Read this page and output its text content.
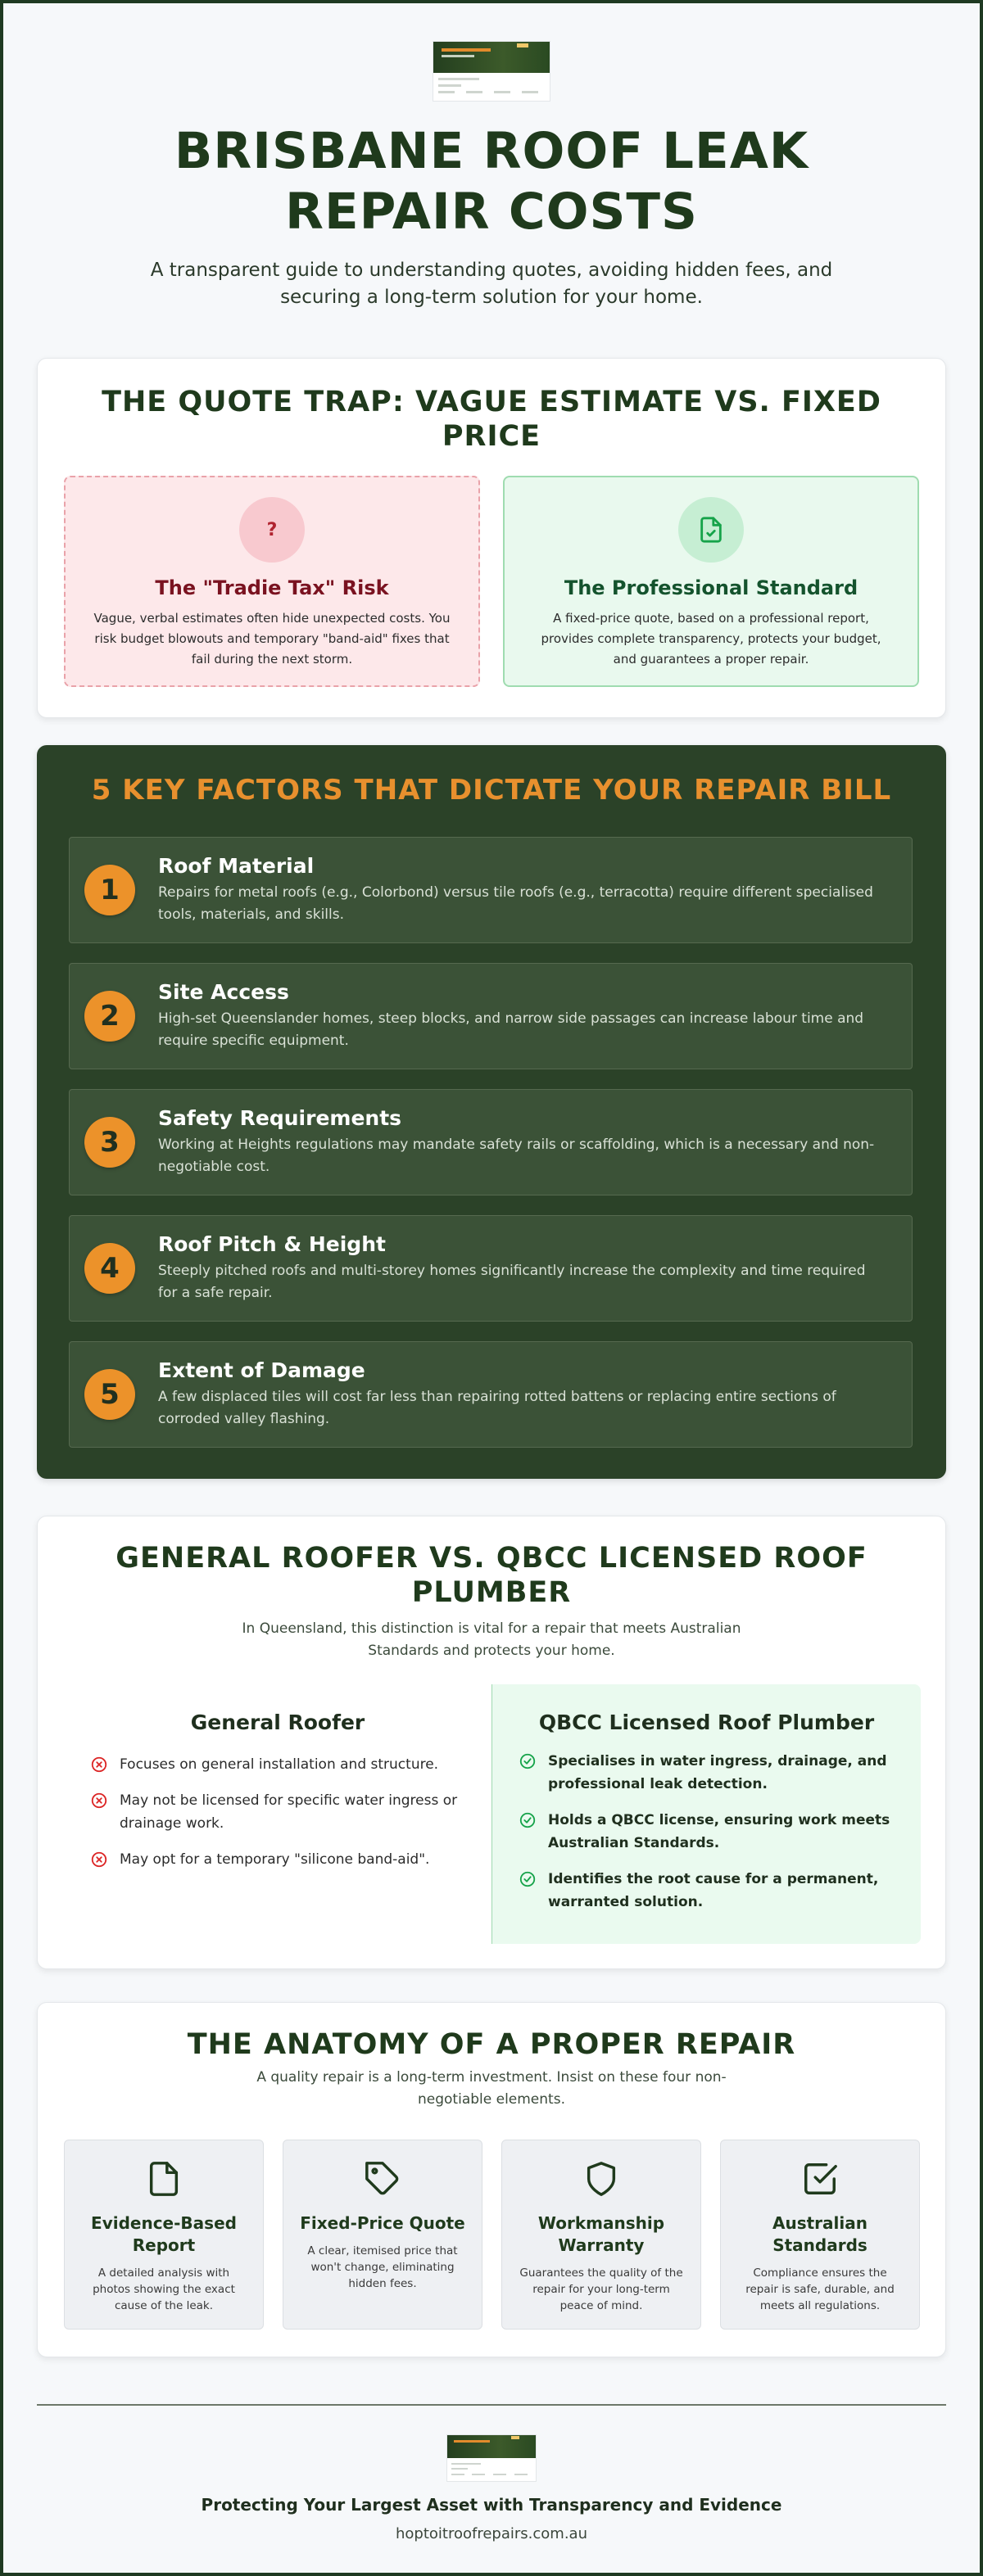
BRISBANE ROOF LEAK REPAIR COSTS

A transparent guide to understanding quotes, avoiding hidden fees, and securing a long-term solution for your home.

THE QUOTE TRAP: VAGUE ESTIMATE VS. FIXED PRICE
?
The "Tradie Tax" Risk

Vague, verbal estimates often hide unexpected costs. You risk budget blowouts and temporary "band-aid" fixes that fail during the next storm.

The Professional Standard

A fixed-price quote, based on a professional report, provides complete transparency, protects your budget, and guarantees a proper repair.

5 KEY FACTORS THAT DICTATE YOUR REPAIR BILL
1
Roof Material
Repairs for metal roofs (e.g., Colorbond) versus tile roofs (e.g., terracotta) require different specialised tools, materials, and skills.
2
Site Access
High-set Queenslander homes, steep blocks, and narrow side passages can increase labour time and require specific equipment.
3
Safety Requirements
Working at Heights regulations may mandate safety rails or scaffolding, which is a necessary and non-negotiable cost.
4
Roof Pitch & Height
Steeply pitched roofs and multi-storey homes significantly increase the complexity and time required for a safe repair.
5
Extent of Damage
A few displaced tiles will cost far less than repairing rotted battens or replacing entire sections of corroded valley flashing.
GENERAL ROOFER VS. QBCC LICENSED ROOF PLUMBER

In Queensland, this distinction is vital for a repair that meets Australian Standards and protects your home.

General Roofer
Focuses on general installation and structure.
May not be licensed for specific water ingress or drainage work.
May opt for a temporary "silicone band-aid".
QBCC Licensed Roof Plumber
Specialises in water ingress, drainage, and professional leak detection.
Holds a QBCC license, ensuring work meets Australian Standards.
Identifies the root cause for a permanent, warranted solution.
THE ANATOMY OF A PROPER REPAIR

A quality repair is a long-term investment. Insist on these four non-negotiable elements.

Evidence-Based Report
A detailed analysis with photos showing the exact cause of the leak.
Fixed-Price Quote
A clear, itemised price that won't change, eliminating hidden fees.
Workmanship Warranty
Guarantees the quality of the repair for your long-term peace of mind.
Australian Standards
Compliance ensures the repair is safe, durable, and meets all regulations.
Protecting Your Largest Asset with Transparency and Evidence
hoptoitroofrepairs.com.au
